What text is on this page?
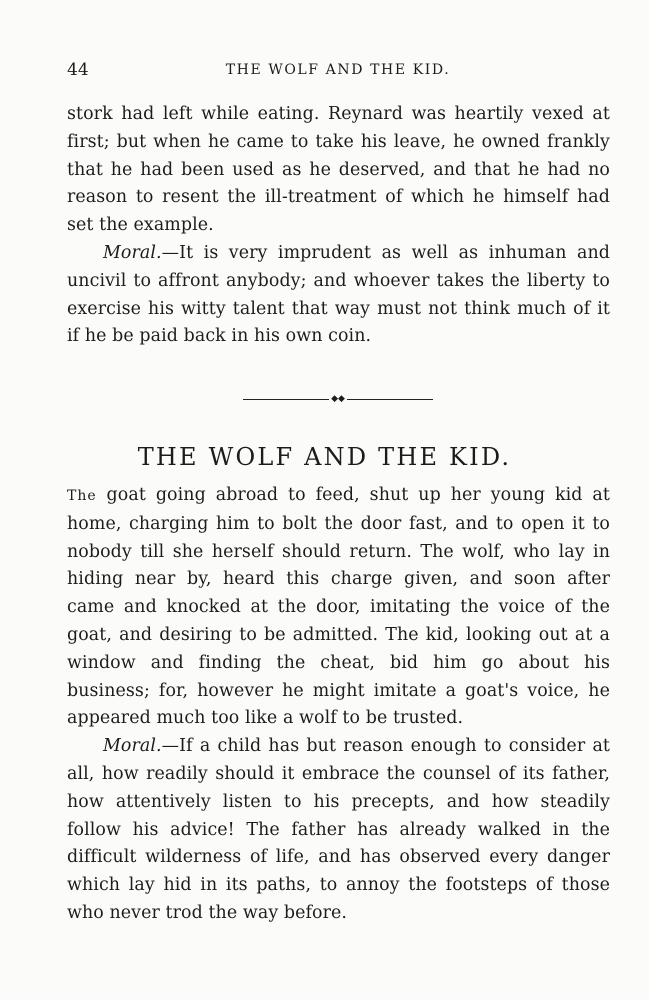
44	THE WOLF AND THE KID.

stork had left while eating. Reynard was heartily vexed at first; but when he came to take his leave, he owned frankly that he had been used as he deserved, and that he had no reason to resent the ill-treatment of which he himself had set the example.

Moral.—It is very imprudent as well as inhuman and uncivil to affront anybody; and whoever takes the liberty to exercise his witty talent that way must not think much of it if he be paid back in his own coin.

◆◆
THE WOLF AND THE KID.

The goat going abroad to feed, shut up her young kid at home, charging him to bolt the door fast, and to open it to nobody till she herself should return. The wolf, who lay in hiding near by, heard this charge given, and soon after came and knocked at the door, imitating the voice of the goat, and desiring to be admitted. The kid, looking out at a window and finding the cheat, bid him go about his business; for, however he might imitate a goat's voice, he appeared much too like a wolf to be trusted.

Moral.—If a child has but reason enough to consider at all, how readily should it embrace the counsel of its father, how attentively listen to his precepts, and how steadily follow his advice! The father has already walked in the difficult wilderness of life, and has observed every danger which lay hid in its paths, to annoy the footsteps of those who never trod the way before.
